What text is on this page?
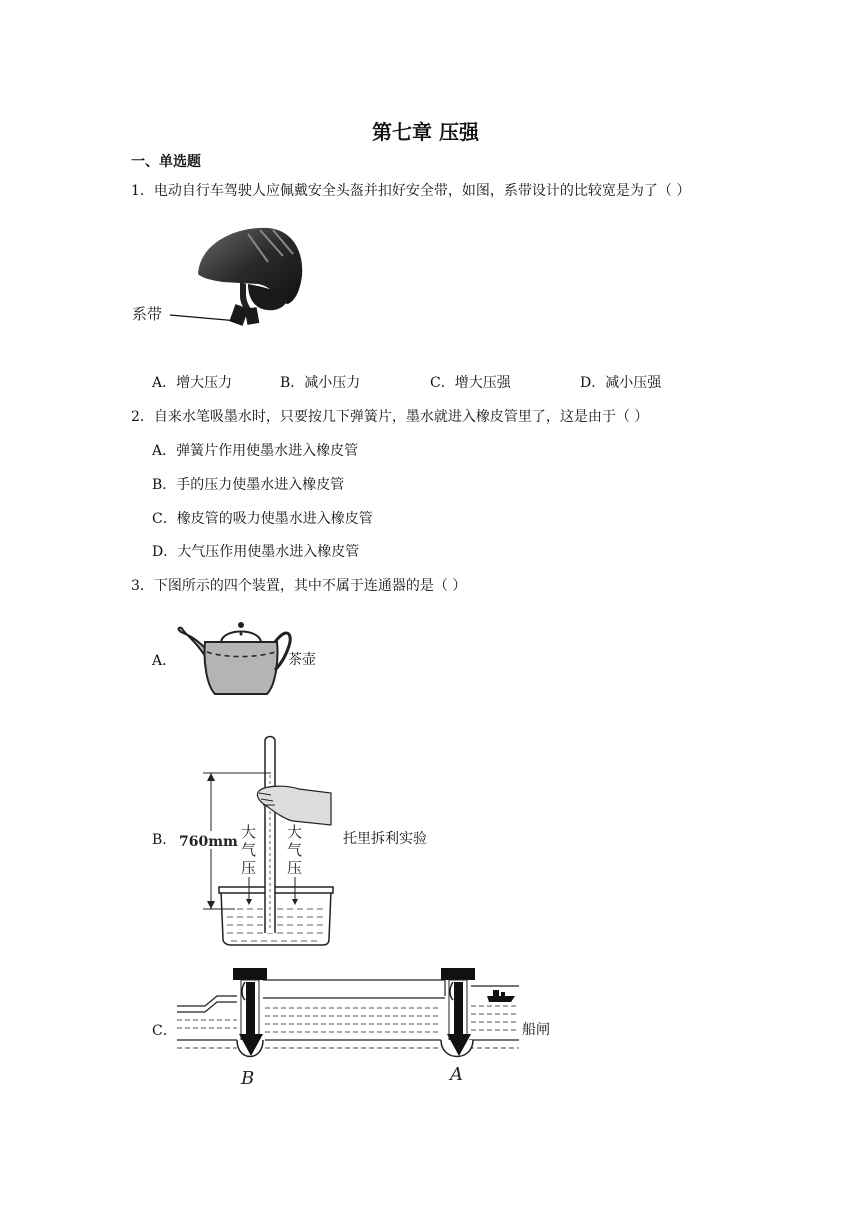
第七章 压强
一、单选题
1．电动自行车驾驶人应佩戴安全头盔并扣好安全带，如图，系带设计的比较宽是为了（ ）
系带
A．增大压力	B．减小压力	C．增大压强	D．减小压强
2．自来水笔吸墨水时，只要按几下弹簧片，墨水就进入橡皮管里了，这是由于（ ）
A．弹簧片作用使墨水进入橡皮管
B．手的压力使墨水进入橡皮管
C．橡皮管的吸力使墨水进入橡皮管
D．大气压作用使墨水进入橡皮管
3．下图所示的四个装置，其中不属于连通器的是（ ）
A．	茶壶
B． 760mm
大
气
压
大
气
压
托里拆利实验
C．
B	A
船闸
